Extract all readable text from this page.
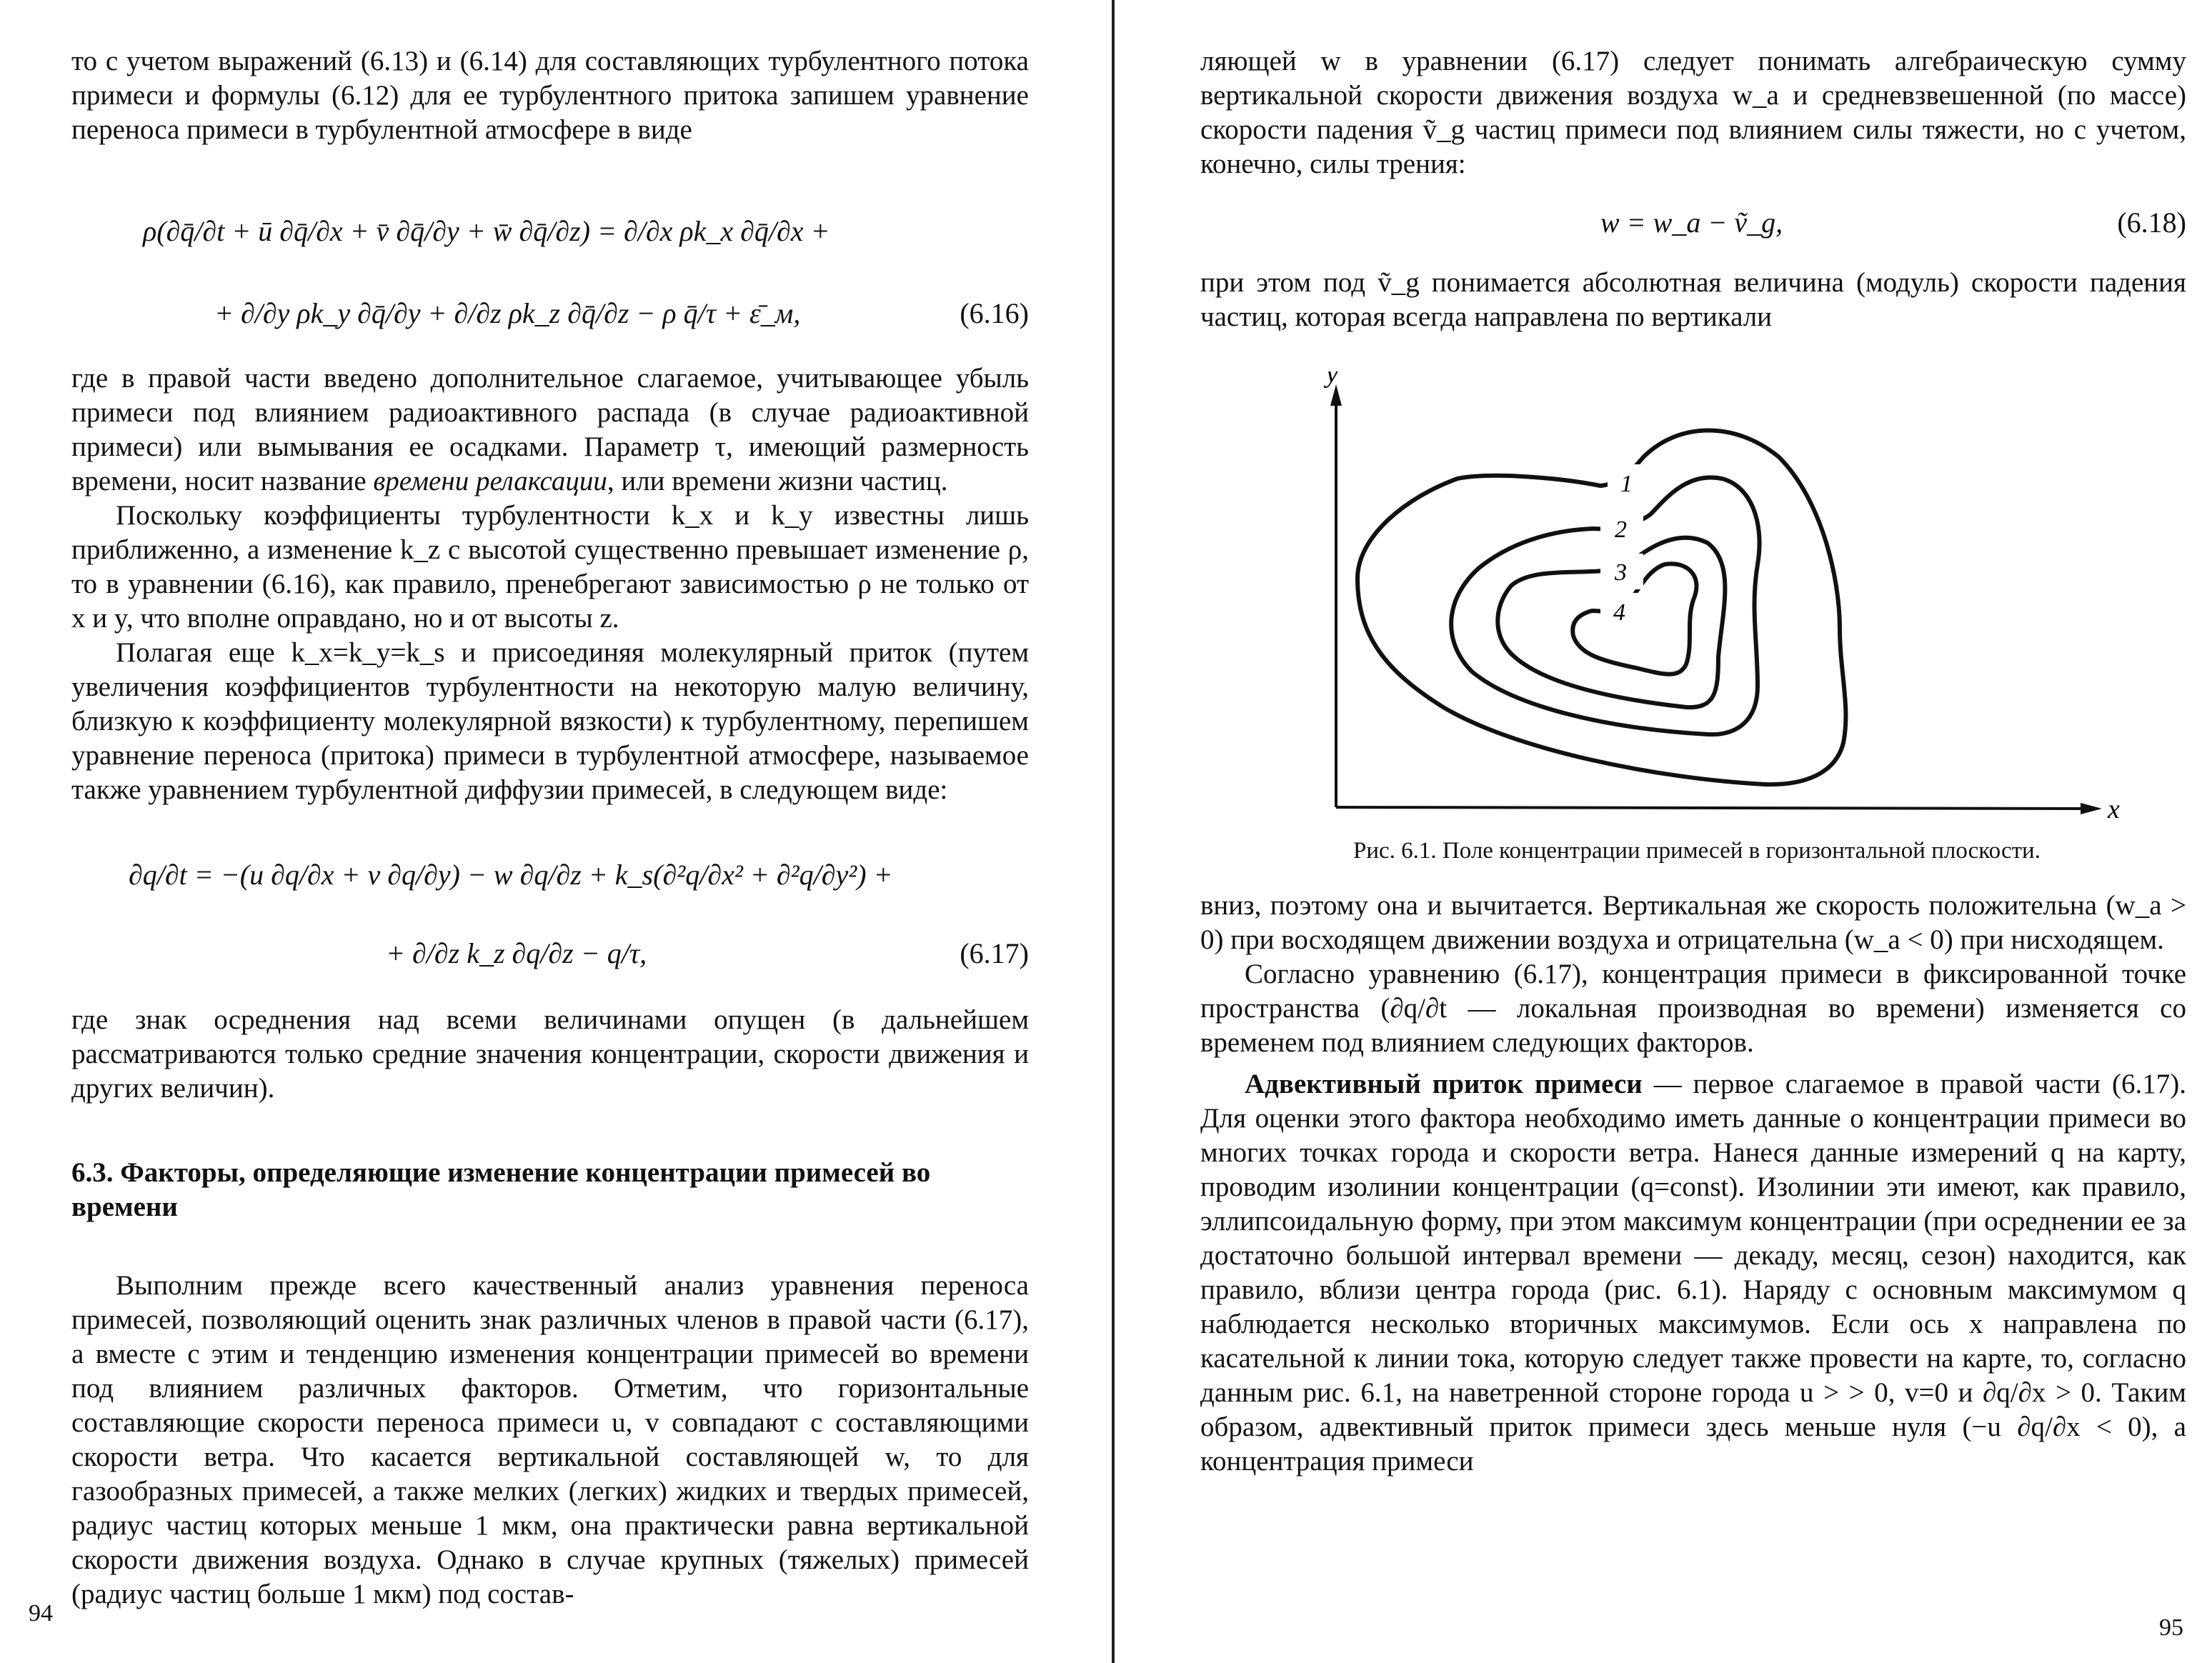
то с учетом выражений (6.13) и (6.14) для составляющих турбулентного потока примеси и формулы (6.12) для ее турбулентного притока запишем уравнение переноса примеси в турбулентной атмосфере в виде

ρ(∂q̄/∂t + ū ∂q̄/∂x + v̄ ∂q̄/∂y + w̄ ∂q̄/∂z) = ∂/∂x ρk_x ∂q̄/∂x +
+ ∂/∂y ρk_y ∂q̄/∂y + ∂/∂z ρk_z ∂q̄/∂z − ρ q̄/τ + ε̄_м,	(6.16)

где в правой части введено дополнительное слагаемое, учитывающее убыль примеси под влиянием радиоактивного распада (в случае радиоактивной примеси) или вымывания ее осадками. Параметр τ, имеющий размерность времени, носит название времени релаксации, или времени жизни частиц.

Поскольку коэффициенты турбулентности k_x и k_y известны лишь приближенно, а изменение k_z с высотой существенно превышает изменение ρ, то в уравнении (6.16), как правило, пренебрегают зависимостью ρ не только от x и y, что вполне оправдано, но и от высоты z.

Полагая еще k_x=k_y=k_s и присоединяя молекулярный приток (путем увеличения коэффициентов турбулентности на некоторую малую величину, близкую к коэффициенту молекулярной вязкости) к турбулентному, перепишем уравнение переноса (притока) примеси в турбулентной атмосфере, называемое также уравнением турбулентной диффузии примесей, в следующем виде:

∂q/∂t = −(u ∂q/∂x + v ∂q/∂y) − w ∂q/∂z + k_s(∂²q/∂x² + ∂²q/∂y²) +
+ ∂/∂z k_z ∂q/∂z − q/τ,	(6.17)

где знак осреднения над всеми величинами опущен (в дальнейшем рассматриваются только средние значения концентрации, скорости движения и других величин).

6.3. Факторы, определяющие изменение концентрации примесей во времени

Выполним прежде всего качественный анализ уравнения переноса примесей, позволяющий оценить знак различных членов в правой части (6.17), а вместе с этим и тенденцию изменения концентрации примесей во времени под влиянием различных факторов. Отметим, что горизонтальные составляющие скорости переноса примеси u, v совпадают с составляющими скорости ветра. Что касается вертикальной составляющей w, то для газообразных примесей, а также мелких (легких) жидких и твердых примесей, радиус частиц которых меньше 1 мкм, она практически равна вертикальной скорости движения воздуха. Однако в случае крупных (тяжелых) примесей (радиус частиц больше 1 мкм) под состав-

94

ляющей w в уравнении (6.17) следует понимать алгебраическую сумму вертикальной скорости движения воздуха w_a и средневзвешенной (по массе) скорости падения ṽ_g частиц примеси под влиянием силы тяжести, но с учетом, конечно, силы трения:

w = w_a − ṽ_g,	(6.18)

при этом под ṽ_g понимается абсолютная величина (модуль) скорости падения частиц, которая всегда направлена по вертикали

y
x
1
2
3
4
Рис. 6.1. Поле концентрации примесей в горизонтальной плоскости.

вниз, поэтому она и вычитается. Вертикальная же скорость положительна (w_a > 0) при восходящем движении воздуха и отрицательна (w_a < 0) при нисходящем.

Согласно уравнению (6.17), концентрация примеси в фиксированной точке пространства (∂q/∂t — локальная производная во времени) изменяется со временем под влиянием следующих факторов.

Адвективный приток примеси — первое слагаемое в правой части (6.17). Для оценки этого фактора необходимо иметь данные о концентрации примеси во многих точках города и скорости ветра. Нанеся данные измерений q на карту, проводим изолинии концентрации (q=const). Изолинии эти имеют, как правило, эллипсоидальную форму, при этом максимум концентрации (при осреднении ее за достаточно большой интервал времени — декаду, месяц, сезон) находится, как правило, вблизи центра города (рис. 6.1). Наряду с основным максимумом q наблюдается несколько вторичных максимумов. Если ось x направлена по касательной к линии тока, которую следует также провести на карте, то, согласно данным рис. 6.1, на наветренной стороне города u > > 0, v=0 и ∂q/∂x > 0. Таким образом, адвективный приток примеси здесь меньше нуля (−u ∂q/∂x < 0), а концентрация примеси

95
